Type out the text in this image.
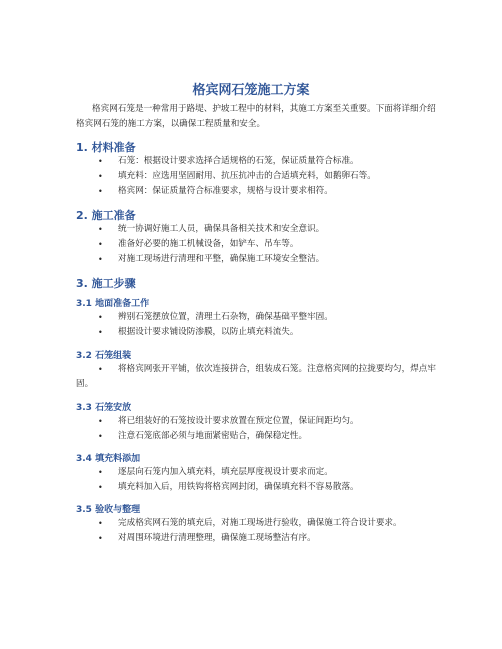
格宾网石笼施工方案
格宾网石笼是一种常用于路堤、护坡工程中的材料，其施工方案至关重要。下面将详细介绍格宾网石笼的施工方案，以确保工程质量和安全。
1. 材料准备
• 石笼：根据设计要求选择合适规格的石笼，保证质量符合标准。
• 填充料：应选用坚固耐用、抗压抗冲击的合适填充料，如鹅卵石等。
• 格宾网：保证质量符合标准要求，规格与设计要求相符。
2. 施工准备
• 统一协调好施工人员，确保具备相关技术和安全意识。
• 准备好必要的施工机械设备，如铲车、吊车等。
• 对施工现场进行清理和平整，确保施工环境安全整洁。
3. 施工步骤
3.1 地面准备工作
• 辨别石笼摆放位置，清理土石杂物，确保基础平整牢固。
• 根据设计要求铺设防渗膜，以防止填充料流失。
3.2 石笼组装
• 将格宾网张开平铺，依次连接拼合，组装成石笼。注意格宾网的拉拢要均匀，焊点牢固。
3.3 石笼安放
• 将已组装好的石笼按设计要求放置在预定位置，保证间距均匀。
• 注意石笼底部必须与地面紧密贴合，确保稳定性。
3.4 填充料添加
• 逐层向石笼内加入填充料，填充层厚度视设计要求而定。
• 填充料加入后，用铁钩将格宾网封闭，确保填充料不容易散落。
3.5 验收与整理
• 完成格宾网石笼的填充后，对施工现场进行验收，确保施工符合设计要求。
• 对周围环境进行清理整理，确保施工现场整洁有序。
